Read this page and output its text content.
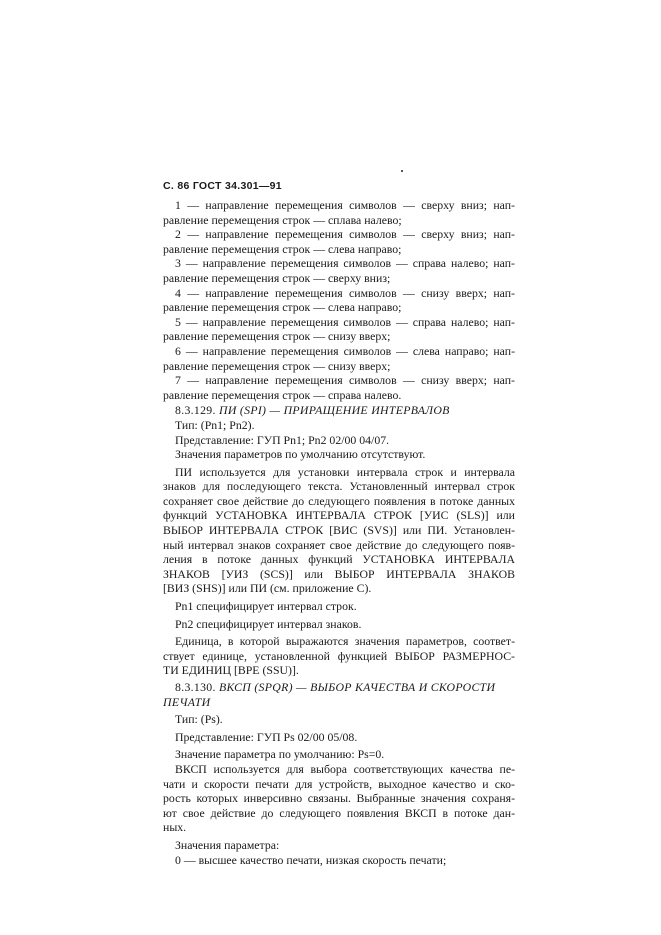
С. 86 ГОСТ 34.301—91
1 — направление перемещения символов — сверху вниз; нап-
равление перемещения строк — сплава налево;
2 — направление перемещения символов — сверху вниз; нап-
равление перемещения строк — слева направо;
3 — направление перемещения символов — справа налево; нап-
равление перемещения строк — сверху вниз;
4 — направление перемещения символов — снизу вверх; нап-
равление перемещения строк — слева направо;
5 — направление перемещения символов — справа налево; нап-
равление перемещения строк — снизу вверх;
6 — направление перемещения символов — слева направо; нап-
равление перемещения строк — снизу вверх;
7 — направление перемещения символов — снизу вверх; нап-
равление перемещения строк — справа налево.
8.3.129. ПИ (SPI) — ПРИРАЩЕНИЕ ИНТЕРВАЛОВ
Тип: (Pn1; Pn2).
Представление: ГУП Pn1; Pn2 02/00 04/07.
Значения параметров по умолчанию отсутствуют.
ПИ используется для установки интервала строк и интервала
знаков для последующего текста. Установленный интервал строк
сохраняет свое действие до следующего появления в потоке данных
функций УСТАНОВКА ИНТЕРВАЛА СТРОК [УИС (SLS)] или
ВЫБОР ИНТЕРВАЛА СТРОК [ВИС (SVS)] или ПИ. Установлен-
ный интервал знаков сохраняет свое действие до следующего появ-
ления в потоке данных функций УСТАНОВКА ИНТЕРВАЛА
ЗНАКОВ [УИЗ (SCS)] или ВЫБОР ИНТЕРВАЛА ЗНАКОВ
[ВИЗ (SHS)] или ПИ (см. приложение С).
Pn1 специфицирует интервал строк.
Pn2 специфицирует интервал знаков.
Единица, в которой выражаются значения параметров, соответ-
ствует единице, установленной функцией ВЫБОР РАЗМЕРНОС-
ТИ ЕДИНИЦ [ВРЕ (SSU)].
8.3.130. ВКСП (SPQR) — ВЫБОР КАЧЕСТВА И СКОРОСТИ
ПЕЧАТИ
Тип: (Ps).
Представление: ГУП Ps 02/00 05/08.
Значение параметра по умолчанию: Ps=0.
ВКСП используется для выбора соответствующих качества пе-
чати и скорости печати для устройств, выходное качество и ско-
рость которых инверсивно связаны. Выбранные значения сохраня-
ют свое действие до следующего появления ВКСП в потоке дан-
ных.
Значения параметра:
0 — высшее качество печати, низкая скорость печати;
